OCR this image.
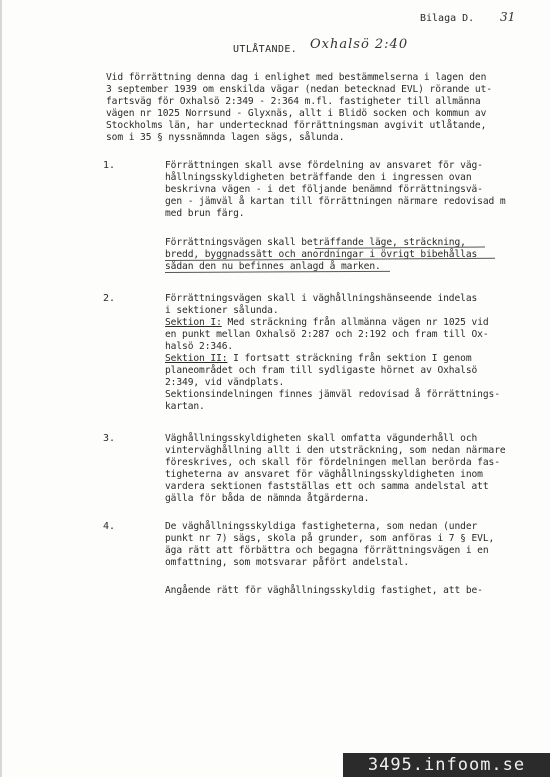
Bilaga D. 31
UTLÅTANDE. Oxhalsö 2:40
Vid förrättning denna dag i enlighet med bestämmelserna i lagen den
3 september 1939 om enskilda vägar (nedan betecknad EVL) rörande ut-
fartsväg för Oxhalsö 2:349 - 2:364 m.fl. fastigheter till allmänna
vägen nr 1025 Norrsund - Glyxnäs, allt i Blidö socken och kommun av
Stockholms län, har undertecknad förrättningsman avgivit utlåtande,
som i 35 § nyssnämnda lagen sägs, sålunda.
1.	Förrättningen skall avse fördelning av ansvaret för väg-
hållningsskyldigheten beträffande den i ingressen ovan
beskrivna vägen - i det följande benämnd förrättningsvä-
gen - jämväl å kartan till förrättningen närmare redovisad m
med brun färg.
Förrättningsvägen skall beträffande läge, sträckning,
bredd, byggnadssätt och anordningar i övrigt bibehållas
sådan den nu befinnes anlagd å marken.
2.	Förrättningsvägen skall i väghållningshänseende indelas
i sektioner sålunda.
Sektion I: Med sträckning från allmänna vägen nr 1025 vid
en punkt mellan Oxhalsö 2:287 och 2:192 och fram till Ox-
halsö 2:346.
Sektion II: I fortsatt sträckning från sektion I genom
planeområdet och fram till sydligaste hörnet av Oxhalsö
2:349, vid vändplats.
Sektionsindelningen finnes jämväl redovisad å förrättnings-
kartan.
3.	Väghållningsskyldigheten skall omfatta vägunderhåll och
vinterväghållning allt i den utsträckning, som nedan närmare
föreskrives, och skall för fördelningen mellan berörda fas-
tigheterna av ansvaret för väghållningsskyldigheten inom
varderа sektionen fastställas ett och samma andelstal att
gälla för båda de nämnda åtgärderna.
4.	De väghållningsskyldiga fastigheterna, som nedan (under
punkt nr 7) sägs, skola på grunder, som anföras i 7 § EVL,
äga rätt att förbättra och begagna förrättningsvägen i en
omfattning, som motsvarar påfört andelstal.
Angående rätt för väghållningsskyldig fastighet, att be-
3495.infoom.se
